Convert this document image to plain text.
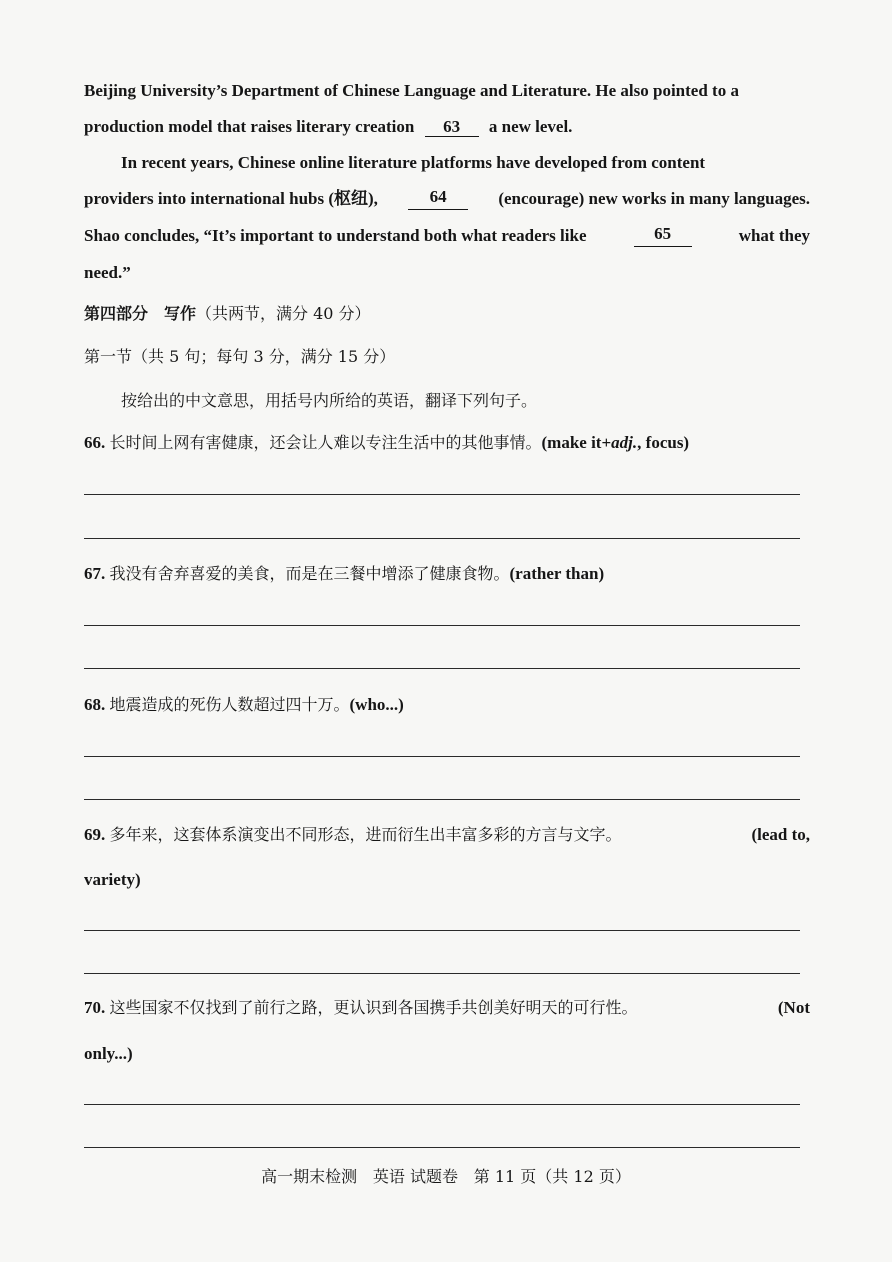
Beijing University’s Department of Chinese Language and Literature. He also pointed to a
production model that raises literary creation 63 a new level.
In recent years, Chinese online literature platforms have developed from content
providers into international hubs (枢纽),	64	(encourage) new works in many languages.
Shao concludes, “It’s important to understand both what readers like	65	what they
need.”
第四部分　写作（共两节，满分 40 分）
第一节（共 5 句；每句 3 分，满分 15 分）
按给出的中文意思，用括号内所给的英语，翻译下列句子。
66. 长时间上网有害健康，还会让人难以专注生活中的其他事情。(make it+adj., focus)
67. 我没有舍弃喜爱的美食，而是在三餐中增添了健康食物。(rather than)
68. 地震造成的死伤人数超过四十万。(who...)
69. 多年来，这套体系演变出不同形态，进而衍生出丰富多彩的方言与文字。	(lead to,
variety)
70. 这些国家不仅找到了前行之路，更认识到各国携手共创美好明天的可行性。	(Not
only...)
高一期末检测 英语 试题卷 第 11 页（共 12 页）
